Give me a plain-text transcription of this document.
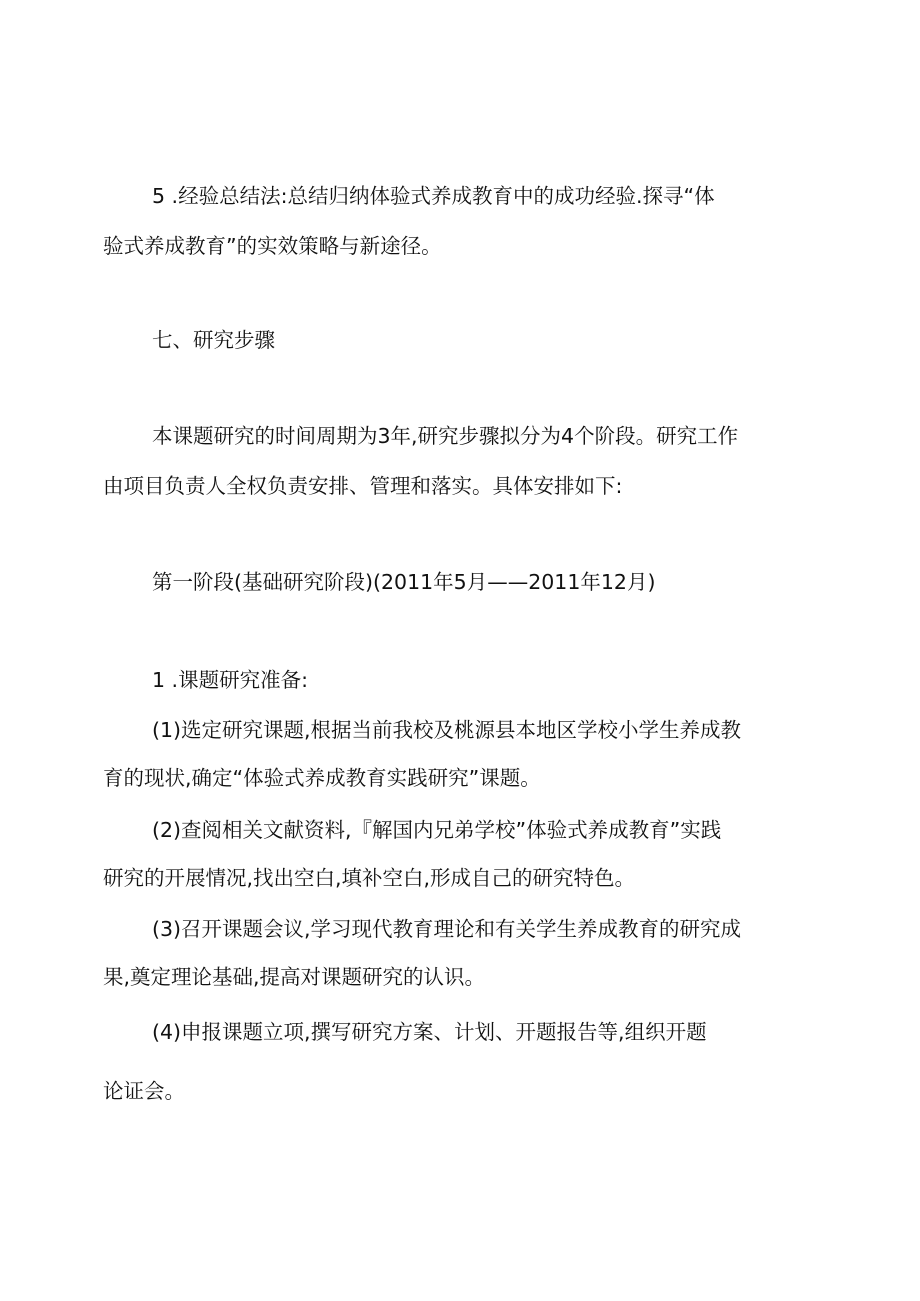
5 .经验总结法:总结归纳体验式养成教育中的成功经验.探寻“体

验式养成教育”的实效策略与新途径。

七、研究步骤

本课题研究的时间周期为3年,研究步骤拟分为4个阶段。研究工作

由项目负责人全权负责安排、管理和落实。具体安排如下:

第一阶段(基础研究阶段)(2011年5月——2011年12月)

1 .课题研究准备:

(1)选定研究课题,根据当前我校及桃源县本地区学校小学生养成教

育的现状,确定“体验式养成教育实践研究”课题。

(2)查阅相关文献资料,『解国内兄弟学校”体验式养成教育”实践

研究的开展情况,找出空白,填补空白,形成自己的研究特色。

(3)召开课题会议,学习现代教育理论和有关学生养成教育的研究成

果,奠定理论基础,提高对课题研究的认识。

(4)申报课题立项,撰写研究方案、计划、开题报告等,组织开题

论证会。
